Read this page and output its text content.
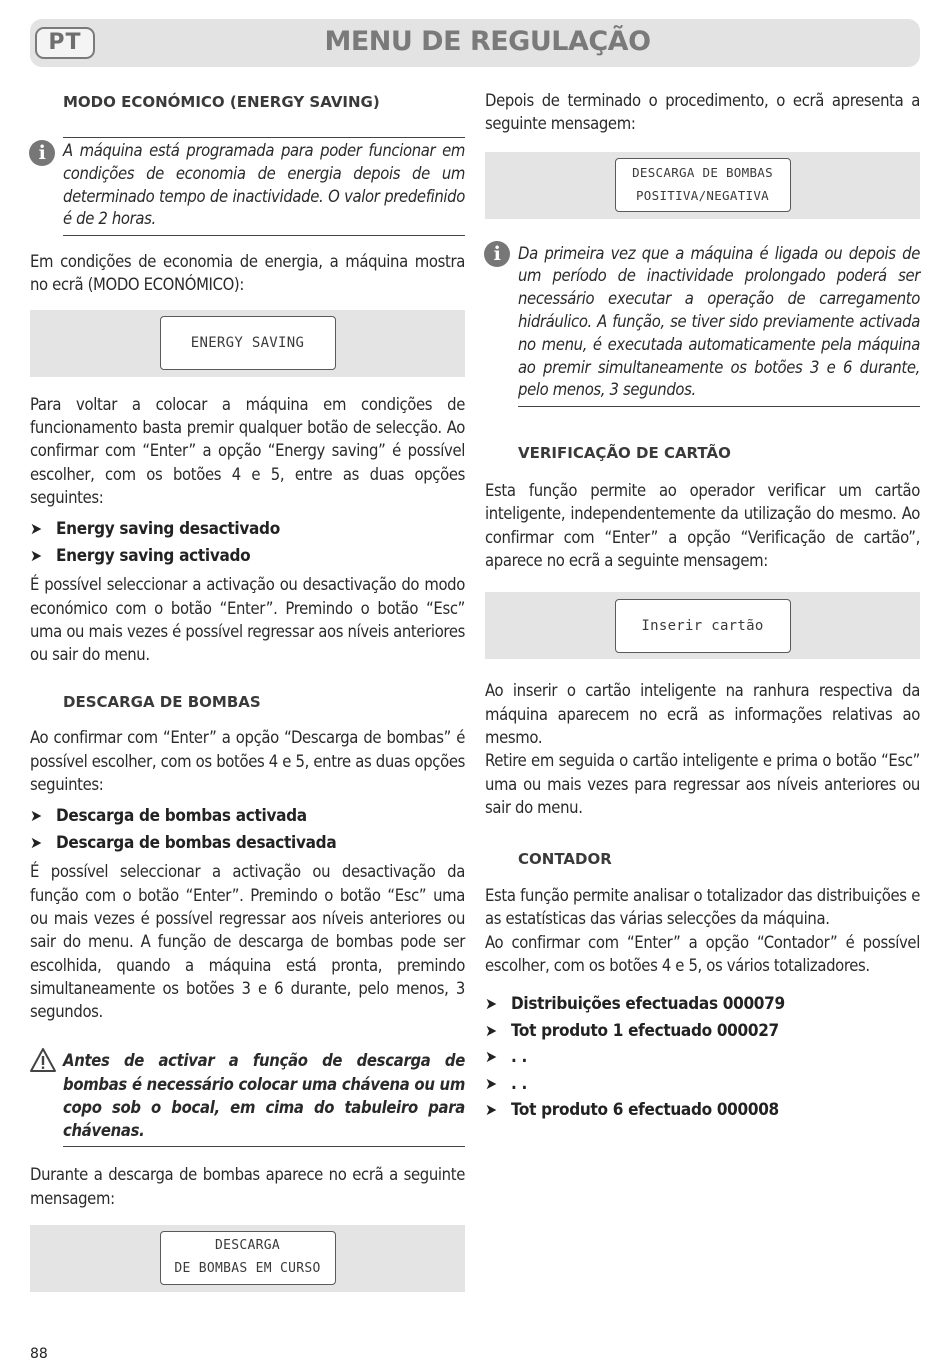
PT	MENU DE REGULAÇÃO
MODO ECONÓMICO (ENERGY SAVING)
i	A máquina está programada para poder funcionar em condições de economia de energia depois de um determinado tempo de inactividade. O valor predefinido é de 2 horas.

Em condições de economia de energia, a máquina mostra no ecrã (MODO ECONÓMICO):

ENERGY SAVING

Para voltar a colocar a máquina em condições de funcionamento basta premir qualquer botão de selecção. Ao confirmar com “Enter” a opção “Energy saving” é possível escolher, com os botões 4 e 5, entre as duas opções seguintes:

➤ Energy saving desactivado
➤ Energy saving activado

É possível seleccionar a activação ou desactivação do modo económico com o botão “Enter”. Premindo o botão “Esc” uma ou mais vezes é possível regressar aos níveis anteriores ou sair do menu.

DESCARGA DE BOMBAS

Ao confirmar com “Enter” a opção “Descarga de bombas” é possível escolher, com os botões 4 e 5, entre as duas opções seguintes:

➤ Descarga de bombas activada
➤ Descarga de bombas desactivada

É possível seleccionar a activação ou desactivação da função com o botão “Enter”. Premindo o botão “Esc” uma ou mais vezes é possível regressar aos níveis anteriores ou sair do menu. A função de descarga de bombas pode ser escolhida, quando a máquina está pronta, premindo simultaneamente os botões 3 e 6 durante, pelo menos, 3 segundos.

Antes de activar a função de descarga de bombas é necessário colocar uma chávena ou um copo sob o bocal, em cima do tabuleiro para chávenas.

Durante a descarga de bombas aparece no ecrã a seguinte mensagem:

DESCARGA
DE BOMBAS EM CURSO

Depois de terminado o procedimento, o ecrã apresenta a seguinte mensagem:

DESCARGA DE BOMBAS
POSITIVA/NEGATIVA
i	Da primeira vez que a máquina é ligada ou depois de um período de inactividade prolongado poderá ser necessário executar a operação de carregamento hidráulico. A função, se tiver sido previamente activada no menu, é executada automaticamente pela máquina ao premir simultaneamente os botões 3 e 6 durante, pelo menos, 3 segundos.
VERIFICAÇÃO DE CARTÃO

Esta função permite ao operador verificar um cartão inteligente, independentemente da utilização do mesmo. Ao confirmar com “Enter” a opção “Verificação de cartão”, aparece no ecrã a seguinte mensagem:

Inserir cartão

Ao inserir o cartão inteligente na ranhura respectiva da máquina aparecem no ecrã as informações relativas ao mesmo.

Retire em seguida o cartão inteligente e prima o botão “Esc” uma ou mais vezes para regressar aos níveis anteriores ou sair do menu.

CONTADOR

Esta função permite analisar o totalizador das distribuições e as estatísticas das várias selecções da máquina.

Ao confirmar com “Enter” a opção “Contador” é possível escolher, com os botões 4 e 5, os vários totalizadores.

➤ Distribuições efectuadas 000079
➤ Tot produto 1 efectuado 000027
➤ . .
➤ . .
➤ Tot produto 6 efectuado 000008
88
